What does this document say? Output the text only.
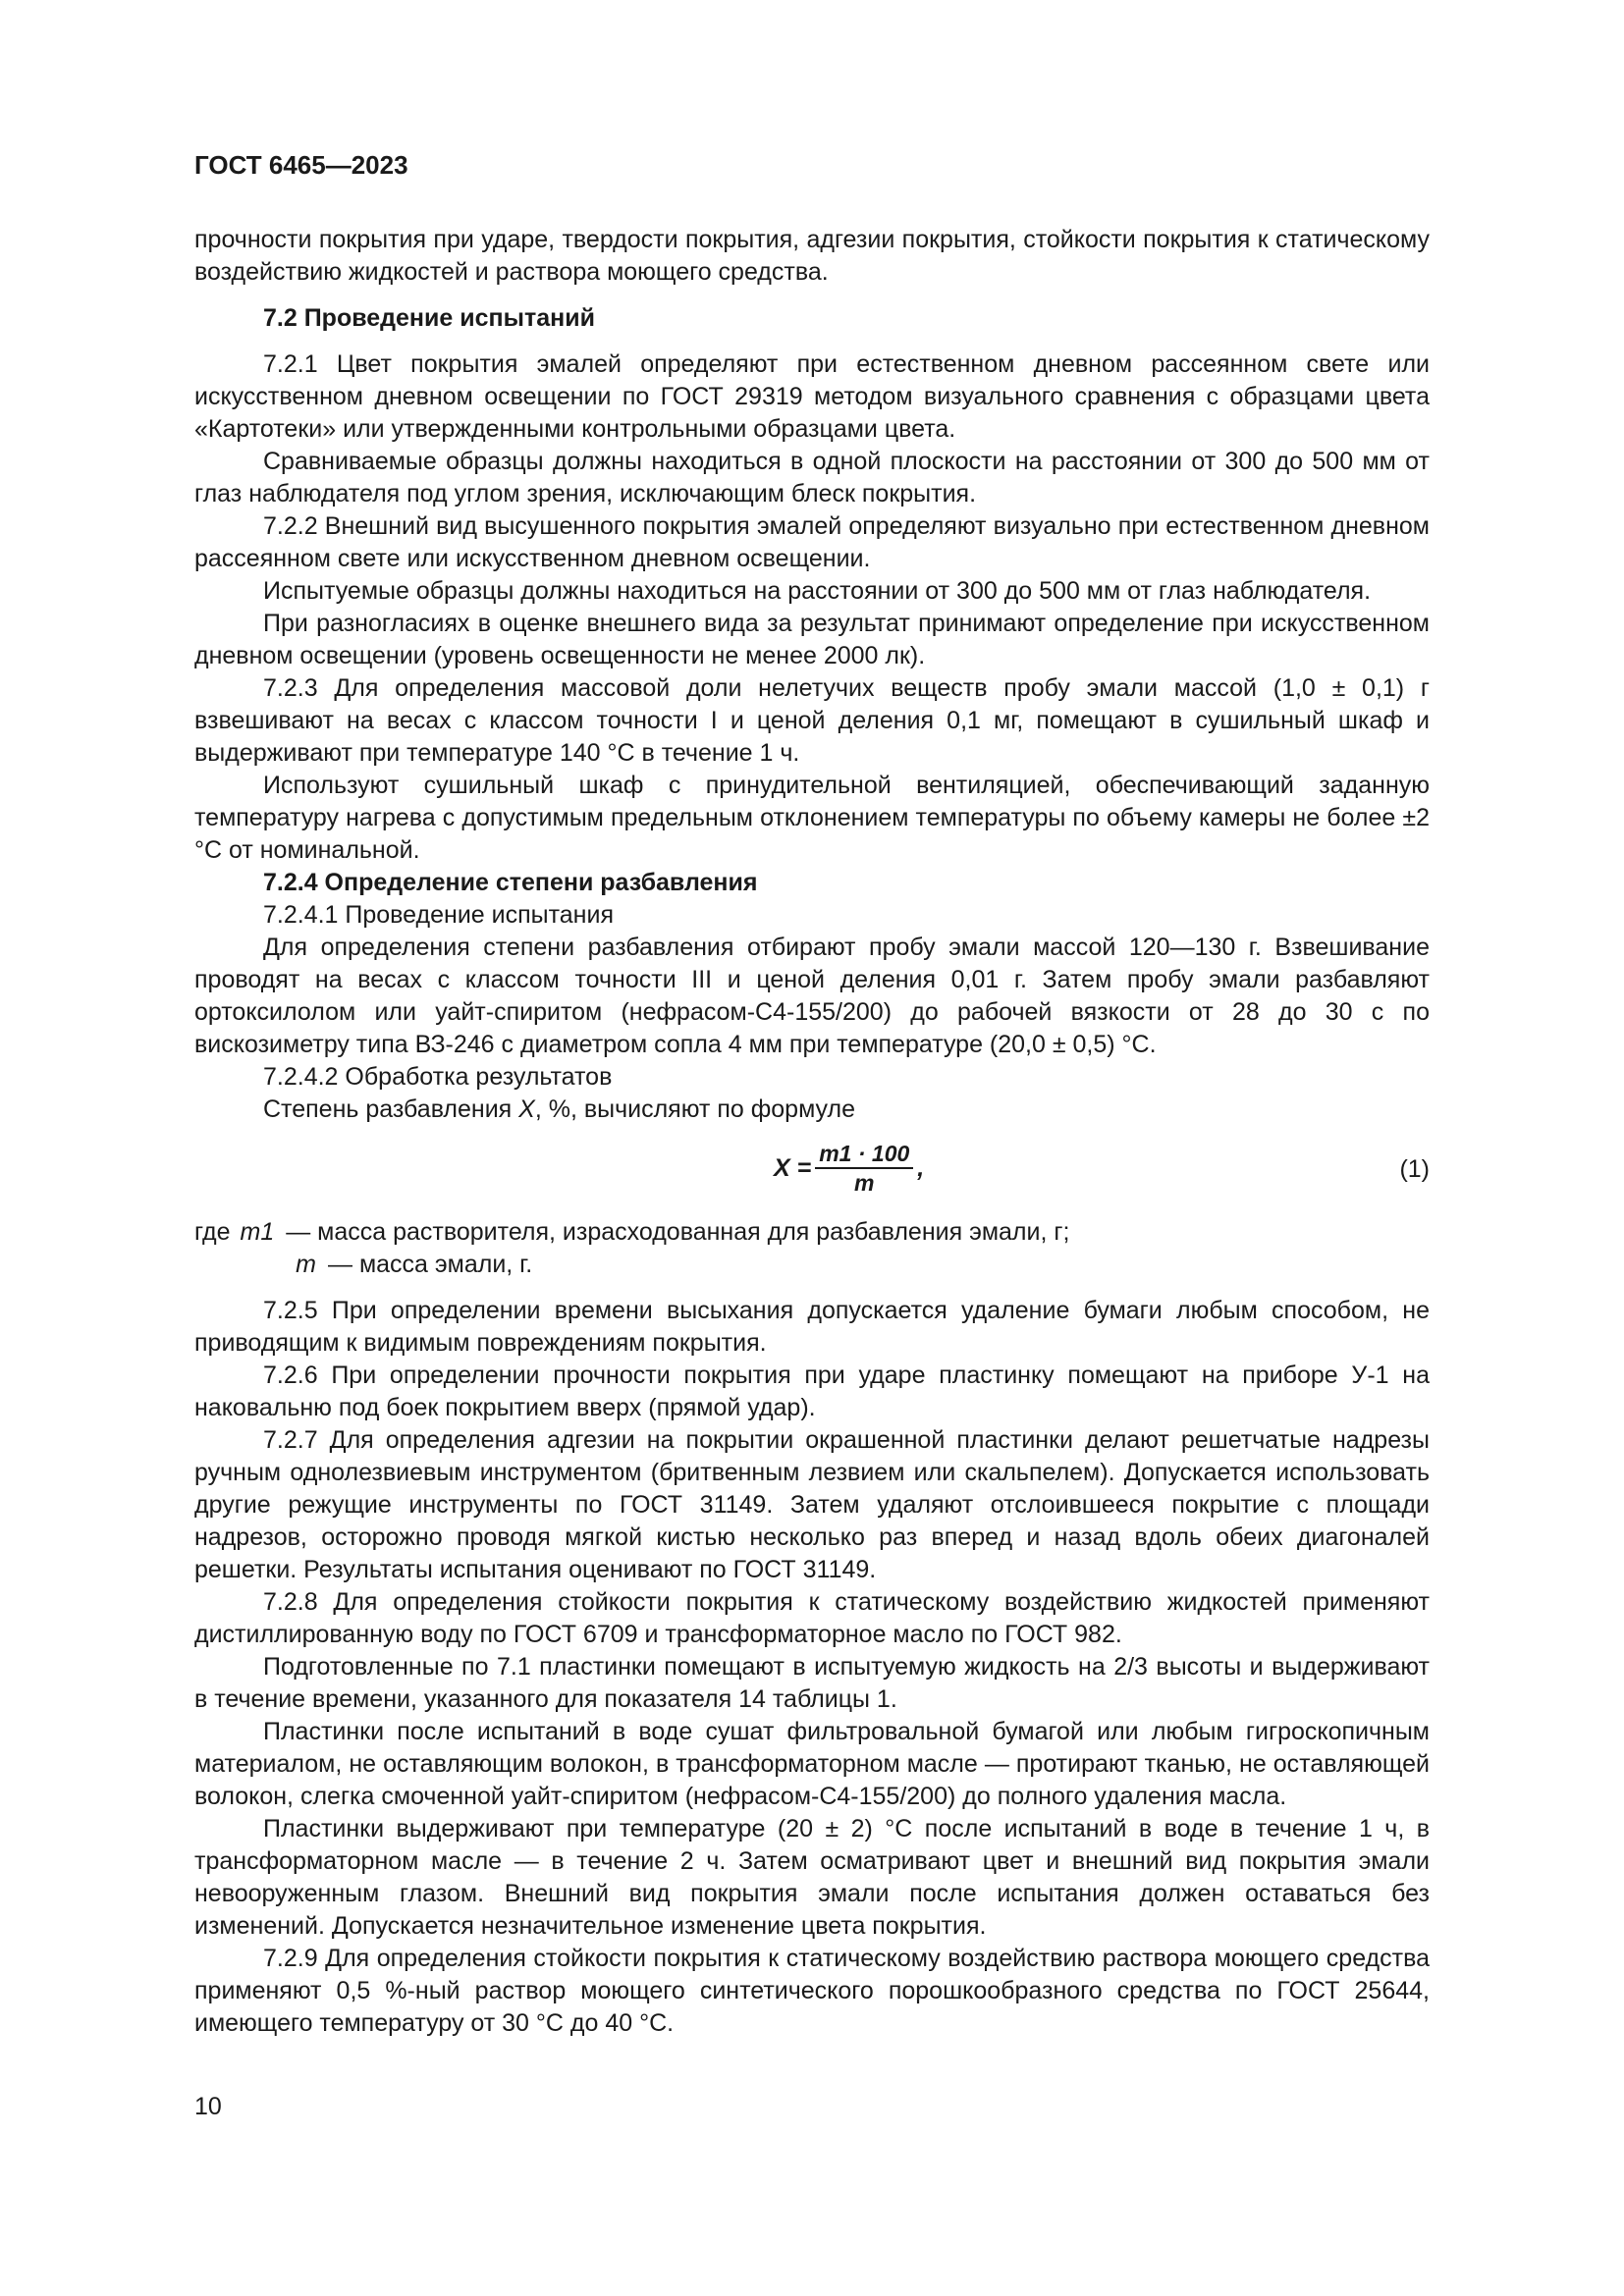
ГОСТ 6465—2023

прочности покрытия при ударе, твердости покрытия, адгезии покрытия, стойкости покрытия к статическому воздействию жидкостей и раствора моющего средства.

7.2 Проведение испытаний

7.2.1 Цвет покрытия эмалей определяют при естественном дневном рассеянном свете или искусственном дневном освещении по ГОСТ 29319 методом визуального сравнения с образцами цвета «Картотеки» или утвержденными контрольными образцами цвета.

Сравниваемые образцы должны находиться в одной плоскости на расстоянии от 300 до 500 мм от глаз наблюдателя под углом зрения, исключающим блеск покрытия.

7.2.2 Внешний вид высушенного покрытия эмалей определяют визуально при естественном дневном рассеянном свете или искусственном дневном освещении.

Испытуемые образцы должны находиться на расстоянии от 300 до 500 мм от глаз наблюдателя.

При разногласиях в оценке внешнего вида за результат принимают определение при искусственном дневном освещении (уровень освещенности не менее 2000 лк).

7.2.3 Для определения массовой доли нелетучих веществ пробу эмали массой (1,0 ± 0,1) г взвешивают на весах с классом точности I и ценой деления 0,1 мг, помещают в сушильный шкаф и выдерживают при температуре 140 °С в течение 1 ч.

Используют сушильный шкаф с принудительной вентиляцией, обеспечивающий заданную температуру нагрева с допустимым предельным отклонением температуры по объему камеры не более ±2 °С от номинальной.

7.2.4 Определение степени разбавления

7.2.4.1 Проведение испытания

Для определения степени разбавления отбирают пробу эмали массой 120—130 г. Взвешивание проводят на весах с классом точности III и ценой деления 0,01 г. Затем пробу эмали разбавляют ортоксилолом или уайт-спиритом (нефрасом-С4-155/200) до рабочей вязкости от 28 до 30 с по вискозиметру типа ВЗ-246 с диаметром сопла 4 мм при температуре (20,0 ± 0,5) °С.

7.2.4.2 Обработка результатов

Степень разбавления X, %, вычисляют по формуле

$X = \frac{m1 \cdot 100}{m}$ ,	(1)
где m1 — масса растворителя, израсходованная для разбавления эмали, г;
m — масса эмали, г.

7.2.5 При определении времени высыхания допускается удаление бумаги любым способом, не приводящим к видимым повреждениям покрытия.

7.2.6 При определении прочности покрытия при ударе пластинку помещают на приборе У-1 на наковальню под боек покрытием вверх (прямой удар).

7.2.7 Для определения адгезии на покрытии окрашенной пластинки делают решетчатые надрезы ручным однолезвиевым инструментом (бритвенным лезвием или скальпелем). Допускается использовать другие режущие инструменты по ГОСТ 31149. Затем удаляют отслоившееся покрытие с площади надрезов, осторожно проводя мягкой кистью несколько раз вперед и назад вдоль обеих диагоналей решетки. Результаты испытания оценивают по ГОСТ 31149.

7.2.8 Для определения стойкости покрытия к статическому воздействию жидкостей применяют дистиллированную воду по ГОСТ 6709 и трансформаторное масло по ГОСТ 982.

Подготовленные по 7.1 пластинки помещают в испытуемую жидкость на 2/3 высоты и выдерживают в течение времени, указанного для показателя 14 таблицы 1.

Пластинки после испытаний в воде сушат фильтровальной бумагой или любым гигроскопичным материалом, не оставляющим волокон, в трансформаторном масле — протирают тканью, не оставляющей волокон, слегка смоченной уайт-спиритом (нефрасом-С4-155/200) до полного удаления масла.

Пластинки выдерживают при температуре (20 ± 2) °С после испытаний в воде в течение 1 ч, в трансформаторном масле — в течение 2 ч. Затем осматривают цвет и внешний вид покрытия эмали невооруженным глазом. Внешний вид покрытия эмали после испытания должен оставаться без изменений. Допускается незначительное изменение цвета покрытия.

7.2.9 Для определения стойкости покрытия к статическому воздействию раствора моющего средства применяют 0,5 %-ный раствор моющего синтетического порошкообразного средства по ГОСТ 25644, имеющего температуру от 30 °С до 40 °С.

10
